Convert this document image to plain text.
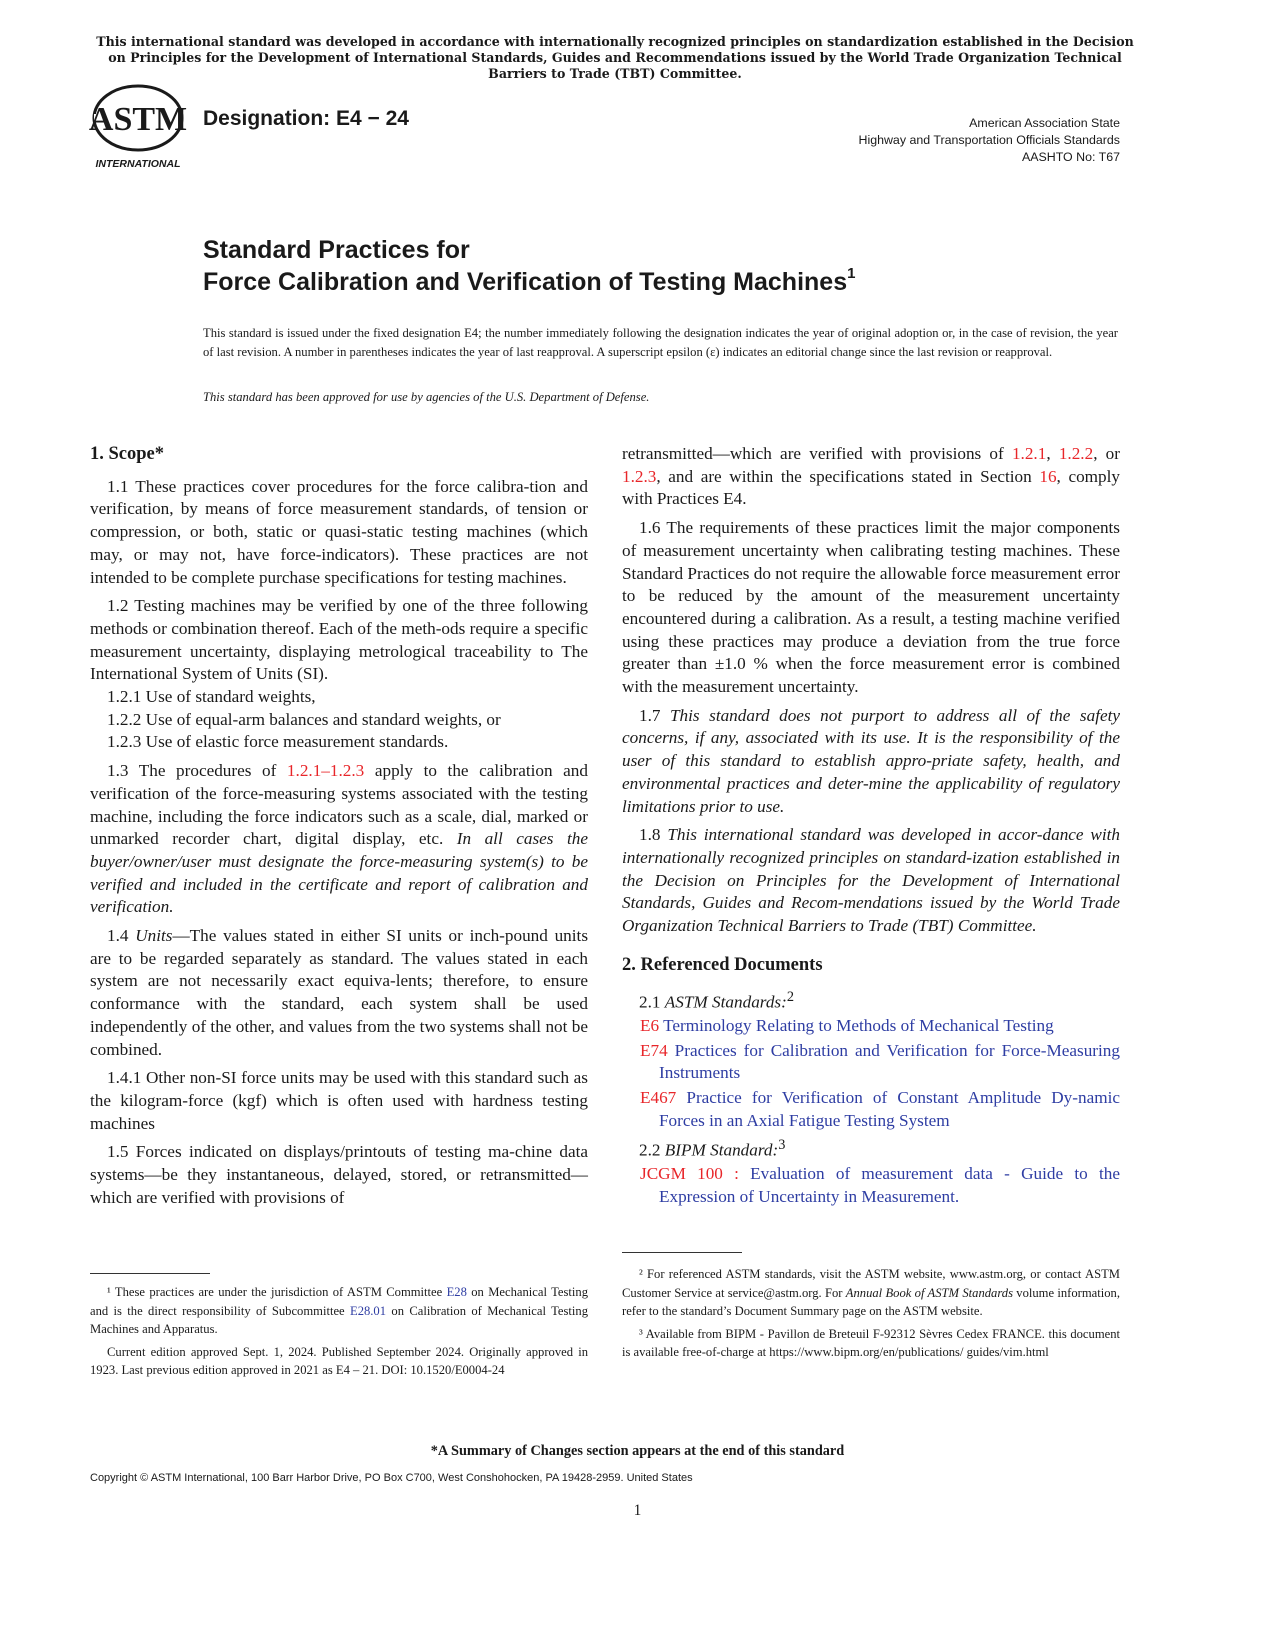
This international standard was developed in accordance with internationally recognized principles on standardization established in the Decision on Principles for the Development of International Standards, Guides and Recommendations issued by the World Trade Organization Technical Barriers to Trade (TBT) Committee.
ASTM
INTERNATIONAL
Designation: E4 − 24	American Association State
Highway and Transportation Officials Standards
AASHTO No: T67
Standard Practices for
Force Calibration and Verification of Testing Machines$^1$
This standard is issued under the fixed designation E4; the number immediately following the designation indicates the year of original adoption or, in the case of revision, the year of last revision. A number in parentheses indicates the year of last reapproval. A superscript epsilon (ε) indicates an editorial change since the last revision or reapproval.
This standard has been approved for use by agencies of the U.S. Department of Defense.
1. Scope*

1.1 These practices cover procedures for the force calibra-tion and verification, by means of force measurement standards, of tension or compression, or both, static or quasi-static testing machines (which may, or may not, have force-indicators). These practices are not intended to be complete purchase specifications for testing machines.

1.2 Testing machines may be verified by one of the three following methods or combination thereof. Each of the meth-ods require a specific measurement uncertainty, displaying metrological traceability to The International System of Units (SI).

1.2.1 Use of standard weights,

1.2.2 Use of equal-arm balances and standard weights, or

1.2.3 Use of elastic force measurement standards.

1.3 The procedures of 1.2.1–1.2.3 apply to the calibration and verification of the force-measuring systems associated with the testing machine, including the force indicators such as a scale, dial, marked or unmarked recorder chart, digital display, etc. In all cases the buyer/owner/user must designate the force-measuring system(s) to be verified and included in the certificate and report of calibration and verification.

1.4 Units—The values stated in either SI units or inch-pound units are to be regarded separately as standard. The values stated in each system are not necessarily exact equiva-lents; therefore, to ensure conformance with the standard, each system shall be used independently of the other, and values from the two systems shall not be combined.

1.4.1 Other non-SI force units may be used with this standard such as the kilogram-force (kgf) which is often used with hardness testing machines

1.5 Forces indicated on displays/printouts of testing ma-chine data systems—be they instantaneous, delayed, stored, or retransmitted—which are verified with provisions of

retransmitted—which are verified with provisions of 1.2.1, 1.2.2, or 1.2.3, and are within the specifications stated in Section 16, comply with Practices E4.

1.6 The requirements of these practices limit the major components of measurement uncertainty when calibrating testing machines. These Standard Practices do not require the allowable force measurement error to be reduced by the amount of the measurement uncertainty encountered during a calibration. As a result, a testing machine verified using these practices may produce a deviation from the true force greater than ±1.0 % when the force measurement error is combined with the measurement uncertainty.

1.7 This standard does not purport to address all of the safety concerns, if any, associated with its use. It is the responsibility of the user of this standard to establish appro-priate safety, health, and environmental practices and deter-mine the applicability of regulatory limitations prior to use.

1.8 This international standard was developed in accor-dance with internationally recognized principles on standard-ization established in the Decision on Principles for the Development of International Standards, Guides and Recom-mendations issued by the World Trade Organization Technical Barriers to Trade (TBT) Committee.

2. Referenced Documents

2.1 ASTM Standards:$^2$

E6 Terminology Relating to Methods of Mechanical Testing

E74 Practices for Calibration and Verification for Force-Measuring Instruments

E467 Practice for Verification of Constant Amplitude Dy-namic Forces in an Axial Fatigue Testing System

2.2 BIPM Standard:$^3$

JCGM 100 : Evaluation of measurement data - Guide to the Expression of Uncertainty in Measurement.

¹ These practices are under the jurisdiction of ASTM Committee E28 on Mechanical Testing and is the direct responsibility of Subcommittee E28.01 on Calibration of Mechanical Testing Machines and Apparatus.

Current edition approved Sept. 1, 2024. Published September 2024. Originally approved in 1923. Last previous edition approved in 2021 as E4 – 21. DOI: 10.1520/E0004-24

² For referenced ASTM standards, visit the ASTM website, www.astm.org, or contact ASTM Customer Service at service@astm.org. For Annual Book of ASTM Standards volume information, refer to the standard’s Document Summary page on the ASTM website.

³ Available from BIPM - Pavillon de Breteuil F-92312 Sèvres Cedex FRANCE. this document is available free-of-charge at https://www.bipm.org/en/publications/ guides/vim.html

*A Summary of Changes section appears at the end of this standard
Copyright © ASTM International, 100 Barr Harbor Drive, PO Box C700, West Conshohocken, PA 19428-2959. United States
1
